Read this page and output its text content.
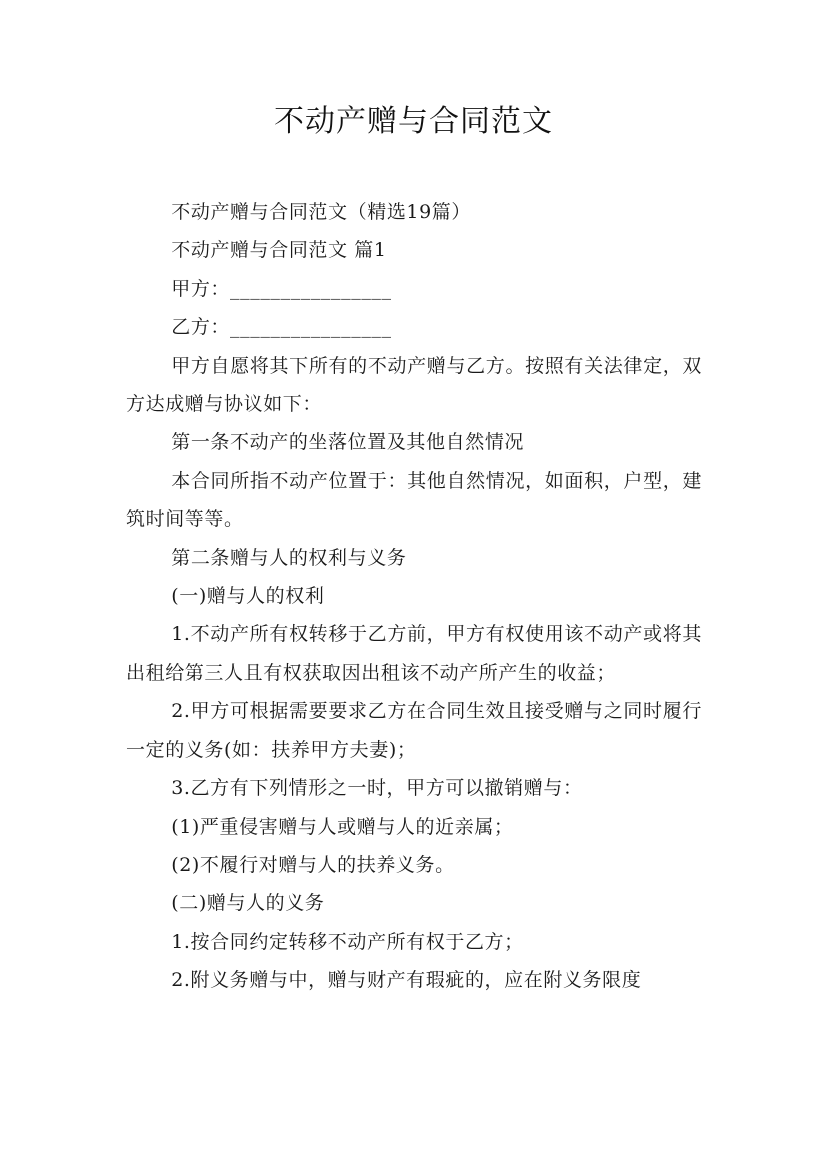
不动产赠与合同范文

不动产赠与合同范文（精选19篇）

不动产赠与合同范文 篇1

甲方：________________

乙方：________________

甲方自愿将其下所有的不动产赠与乙方。按照有关法律定，双方达成赠与协议如下：

第一条不动产的坐落位置及其他自然情况

本合同所指不动产位置于：其他自然情况，如面积，户型，建筑时间等等。

第二条赠与人的权利与义务

(一)赠与人的权利

1.不动产所有权转移于乙方前，甲方有权使用该不动产或将其出租给第三人且有权获取因出租该不动产所产生的收益；

2.甲方可根据需要要求乙方在合同生效且接受赠与之同时履行一定的义务(如：扶养甲方夫妻)；

3.乙方有下列情形之一时，甲方可以撤销赠与：

(1)严重侵害赠与人或赠与人的近亲属；

(2)不履行对赠与人的扶养义务。

(二)赠与人的义务

1.按合同约定转移不动产所有权于乙方；

2.附义务赠与中，赠与财产有瑕疵的，应在附义务限度
